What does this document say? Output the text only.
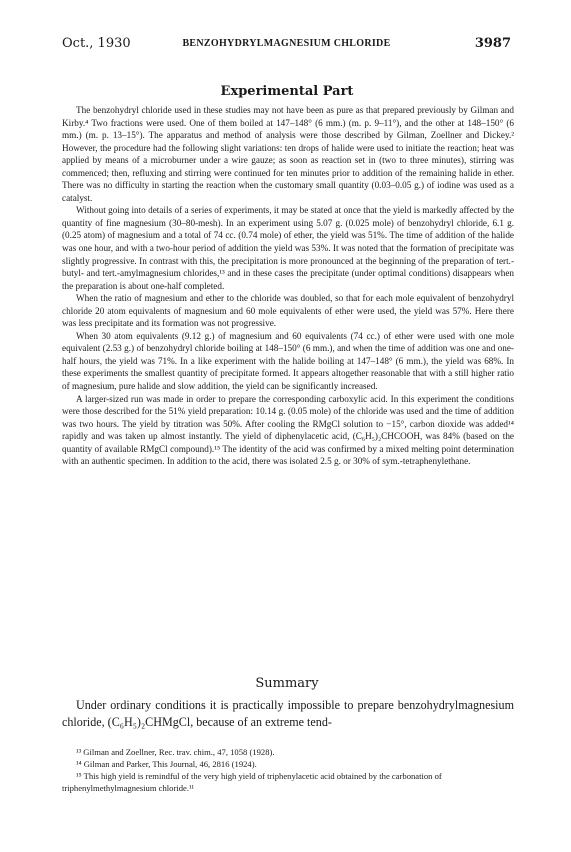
Oct., 1930	BENZOHYDRYLMAGNESIUM CHLORIDE	3987
Experimental Part

The benzohydryl chloride used in these studies may not have been as pure as that prepared previously by Gilman and Kirby.⁴ Two fractions were used. One of them boiled at 147–148° (6 mm.) (m. p. 9–11°), and the other at 148–150° (6 mm.) (m. p. 13–15°). The apparatus and method of analysis were those described by Gilman, Zoellner and Dickey.² However, the procedure had the following slight variations: ten drops of halide were used to initiate the reaction; heat was applied by means of a microburner under a wire gauze; as soon as reaction set in (two to three minutes), stirring was commenced; then, refluxing and stirring were continued for ten minutes prior to addition of the remaining halide in ether. There was no difficulty in starting the reaction when the customary small quantity (0.03–0.05 g.) of iodine was used as a catalyst.

Without going into details of a series of experiments, it may be stated at once that the yield is markedly affected by the quantity of fine magnesium (30–80-mesh). In an experiment using 5.07 g. (0.025 mole) of benzohydryl chloride, 6.1 g. (0.25 atom) of magnesium and a total of 74 cc. (0.74 mole) of ether, the yield was 51%. The time of addition of the halide was one hour, and with a two-hour period of addition the yield was 53%. It was noted that the formation of precipitate was slightly progressive. In contrast with this, the precipitation is more pronounced at the beginning of the preparation of tert.-butyl- and tert.-amylmagnesium chlorides,¹³ and in these cases the precipitate (under optimal conditions) disappears when the preparation is about one-half completed.

When the ratio of magnesium and ether to the chloride was doubled, so that for each mole equivalent of benzohydryl chloride 20 atom equivalents of magnesium and 60 mole equivalents of ether were used, the yield was 57%. Here there was less precipitate and its formation was not progressive.

When 30 atom equivalents (9.12 g.) of magnesium and 60 equivalents (74 cc.) of ether were used with one mole equivalent (2.53 g.) of benzohydryl chloride boiling at 148–150° (6 mm.), and when the time of addition was one and one-half hours, the yield was 71%. In a like experiment with the halide boiling at 147–148° (6 mm.), the yield was 68%. In these experiments the smallest quantity of precipitate formed. It appears altogether reasonable that with a still higher ratio of magnesium, pure halide and slow addition, the yield can be significantly increased.

A larger-sized run was made in order to prepare the corresponding carboxylic acid. In this experiment the conditions were those described for the 51% yield preparation: 10.14 g. (0.05 mole) of the chloride was used and the time of addition was two hours. The yield by titration was 50%. After cooling the RMgCl solution to −15°, carbon dioxide was added¹⁴ rapidly and was taken up almost instantly. The yield of diphenylacetic acid, (C₆H₅)₂CHCOOH, was 84% (based on the quantity of available RMgCl compound).¹⁵ The identity of the acid was confirmed by a mixed melting point determination with an authentic specimen. In addition to the acid, there was isolated 2.5 g. or 30% of sym.-tetraphenylethane.

Summary

Under ordinary conditions it is practically impossible to prepare benzohydrylmagnesium chloride, (C₆H₅)₂CHMgCl, because of an extreme tend-

¹³ Gilman and Zoellner, Rec. trav. chim., 47, 1058 (1928).

¹⁴ Gilman and Parker, This Journal, 46, 2816 (1924).

¹⁵ This high yield is remindful of the very high yield of triphenylacetic acid obtained by the carbonation of triphenylmethylmagnesium chloride.¹¹
